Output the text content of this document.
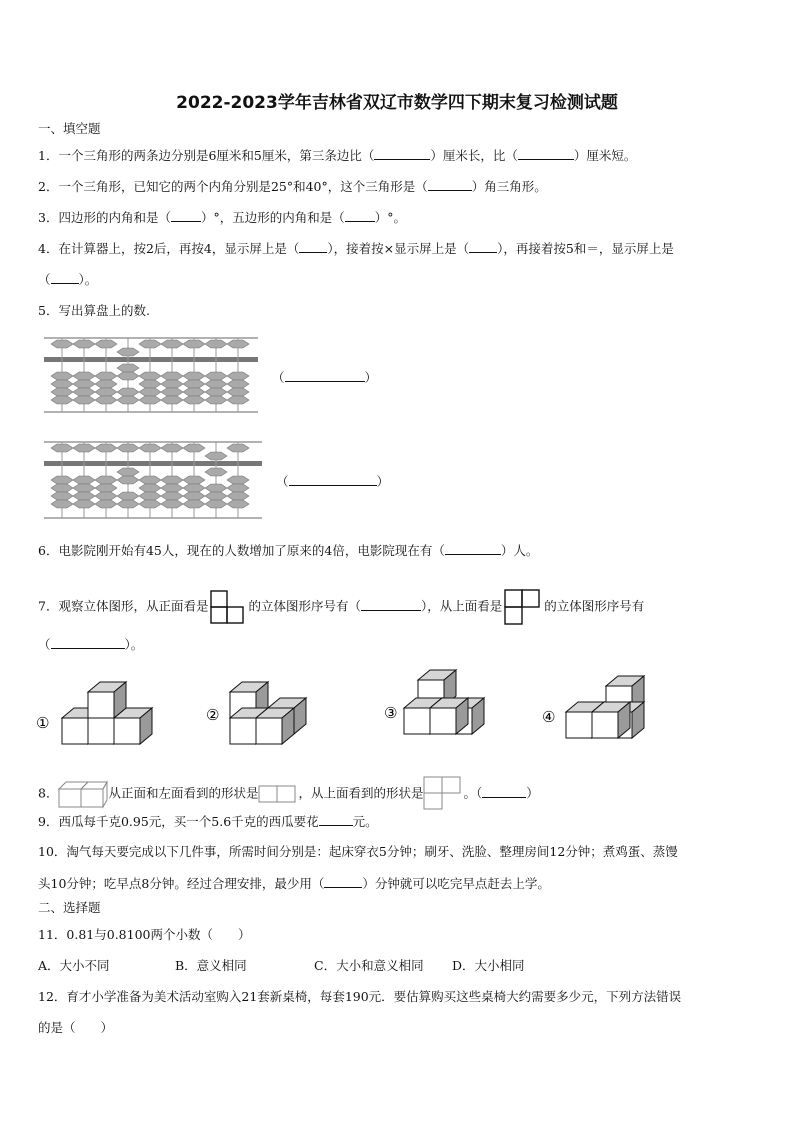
2022-2023学年吉林省双辽市数学四下期末复习检测试题
一、填空题
1．一个三角形的两条边分别是6厘米和5厘米，第三条边比（	）厘米长，比（	）厘米短。
2．一个三角形，已知它的两个内角分别是25°和40°，这个三角形是（	）角三角形。
3．四边形的内角和是（ ）°，五边形的内角和是（ ）°。
4．在计算器上，按2后，再按4，显示屏上是（ ），接着按×显示屏上是（ ），再接着按5和＝，显示屏上是
（ ）。
5．写出算盘上的数.
（	）
（	）
6．电影院刚开始有45人，现在的人数增加了原来的4倍，电影院现在有（	）人。
7．观察立体图形，从正面看是	的立体图形序号有（	），从上面看是	的立体图形序号有
（	）。
①	②	③	④
8．	从正面和左面看到的形状是	，从上面看到的形状是	。（	）
9．西瓜每千克0.95元，买一个5.6千克的西瓜要花	元。
10．淘气每天要完成以下几件事，所需时间分别是：起床穿衣5分钟；刷牙、洗脸、整理房间12分钟；煮鸡蛋、蒸馒
头10分钟；吃早点8分钟。经过合理安排，最少用（	）分钟就可以吃完早点赶去上学。
二、选择题
11．0.81与0.8100两个小数（　　）
A．大小不同	B．意义相同	C．大小和意义相同 D．大小相同
12．育才小学准备为美术活动室购入21套新桌椅，每套190元．要估算购买这些桌椅大约需要多少元，下列方法错误
的是（　　）
